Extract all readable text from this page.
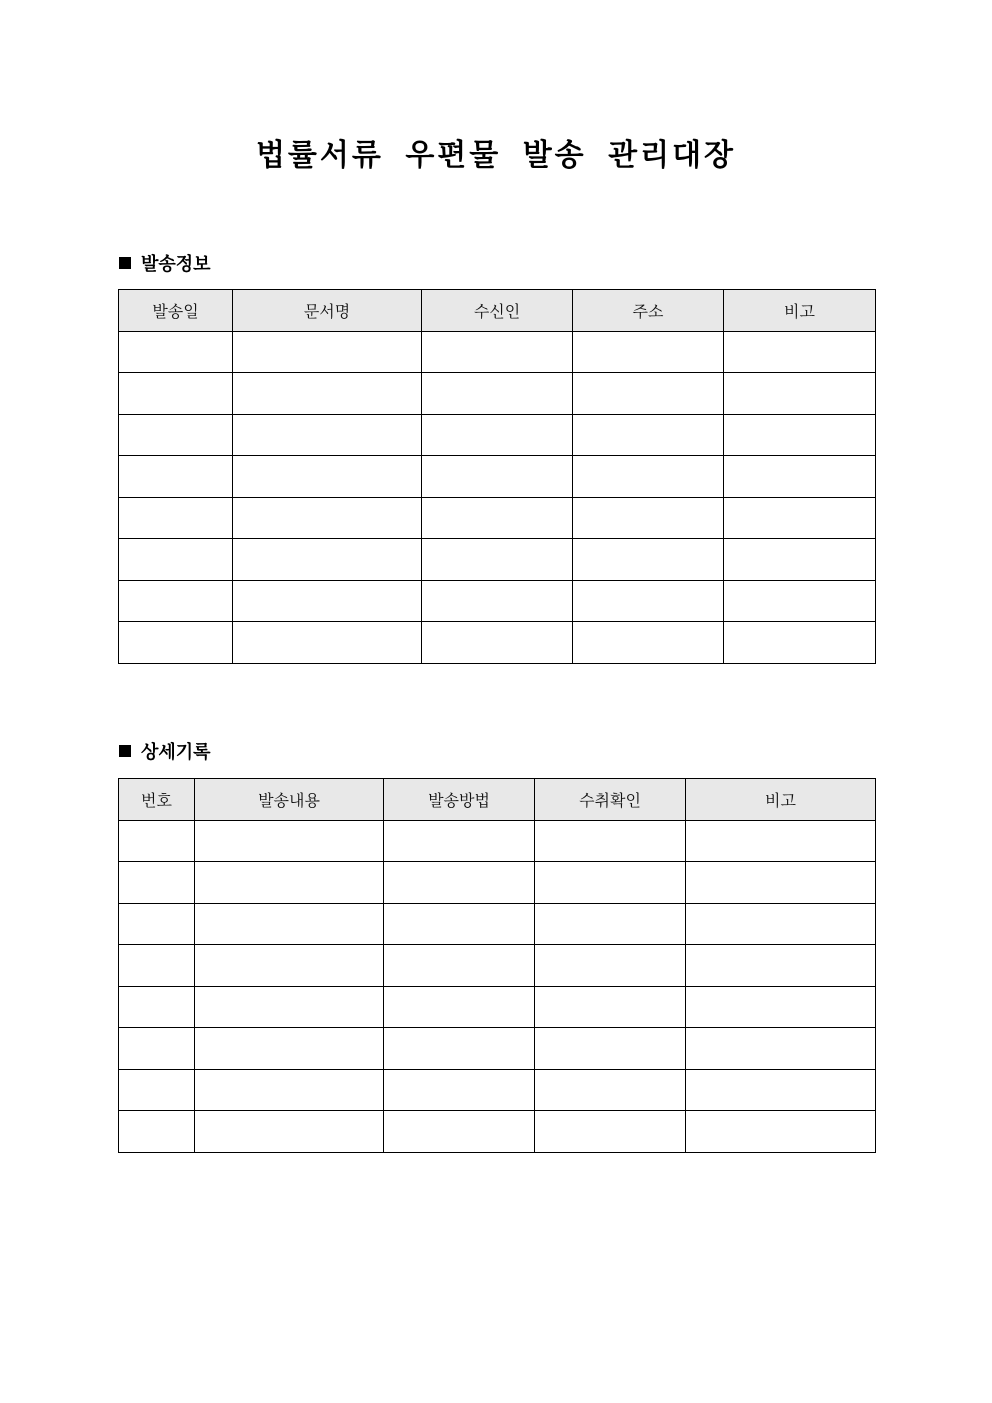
법률서류 우편물 발송 관리대장
발송정보
발송일	문서명	수신인	주소	비고

상세기록
번호	발송내용	발송방법	수취확인	비고
